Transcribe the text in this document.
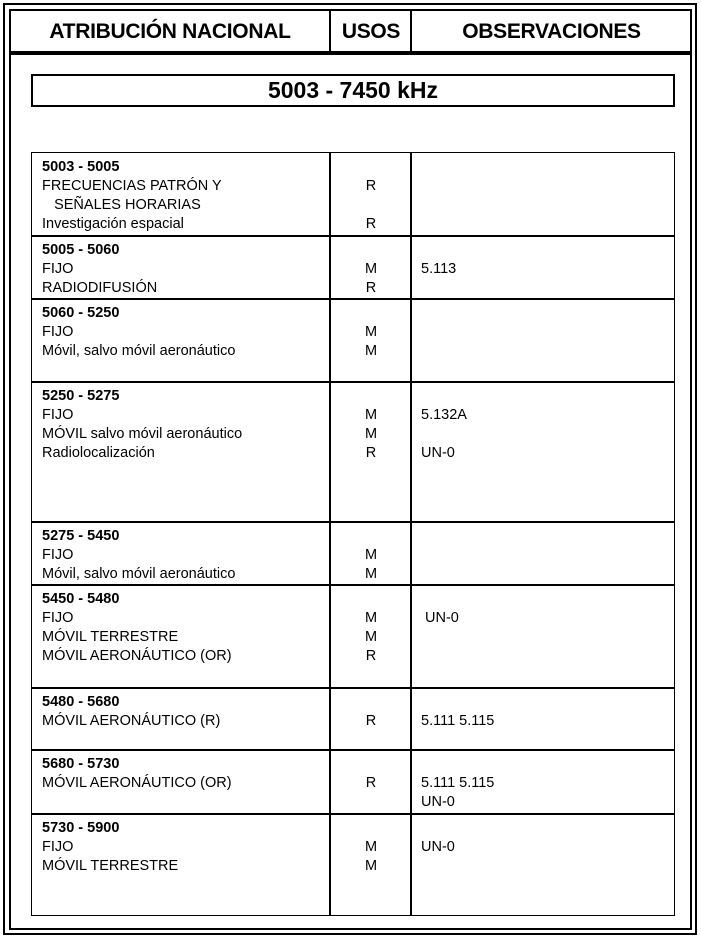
ATRIBUCIÓN NACIONAL	USOS	OBSERVACIONES
5003 - 7450 kHz
5003 - 5005
FRECUENCIAS PATRÓN Y	R
SEÑALES HORARIAS
Investigación espacial	R
5005 - 5060
FIJO	M	5.113
RADIODIFUSIÓN	R
5060 - 5250
FIJO	M
Móvil, salvo móvil aeronáutico	M
5250 - 5275
FIJO	M	5.132A
MÓVIL salvo móvil aeronáutico	M
Radiolocalización	R	UN-0
5275 - 5450
FIJO	M
Móvil, salvo móvil aeronáutico	M
5450 - 5480
FIJO	M	UN-0
MÓVIL TERRESTRE	M
MÓVIL AERONÁUTICO (OR)	R
5480 - 5680
MÓVIL AERONÁUTICO (R)	R	5.111 5.115
5680 - 5730
MÓVIL AERONÁUTICO (OR)	R	5.111 5.115
UN-0
5730 - 5900
FIJO	M	UN-0
MÓVIL TERRESTRE	M
